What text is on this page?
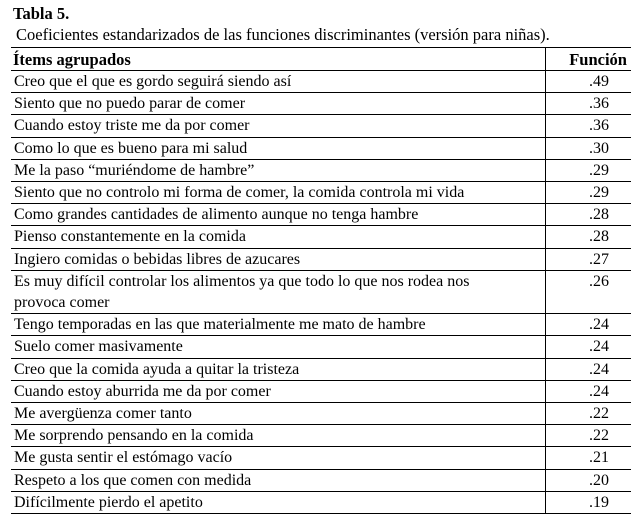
Tabla 5.
Coeficientes estandarizados de las funciones discriminantes (versión para niñas).
Ítems agrupados	Función
Creo que el que es gordo seguirá siendo así	.49
Siento que no puedo parar de comer	.36
Cuando estoy triste me da por comer	.36
Como lo que es bueno para mi salud	.30
Me la paso “muriéndome de hambre”	.29
Siento que no controlo mi forma de comer, la comida controla mi vida	.29
Como grandes cantidades de alimento aunque no tenga hambre	.28
Pienso constantemente en la comida	.28
Ingiero comidas o bebidas libres de azucares	.27
Es muy difícil controlar los alimentos ya que todo lo que nos rodea nos
provoca comer	.26
Tengo temporadas en las que materialmente me mato de hambre	.24
Suelo comer masivamente	.24
Creo que la comida ayuda a quitar la tristeza	.24
Cuando estoy aburrida me da por comer	.24
Me avergüenza comer tanto	.22
Me sorprendo pensando en la comida	.22
Me gusta sentir el estómago vacío	.21
Respeto a los que comen con medida	.20
Difícilmente pierdo el apetito	.19
